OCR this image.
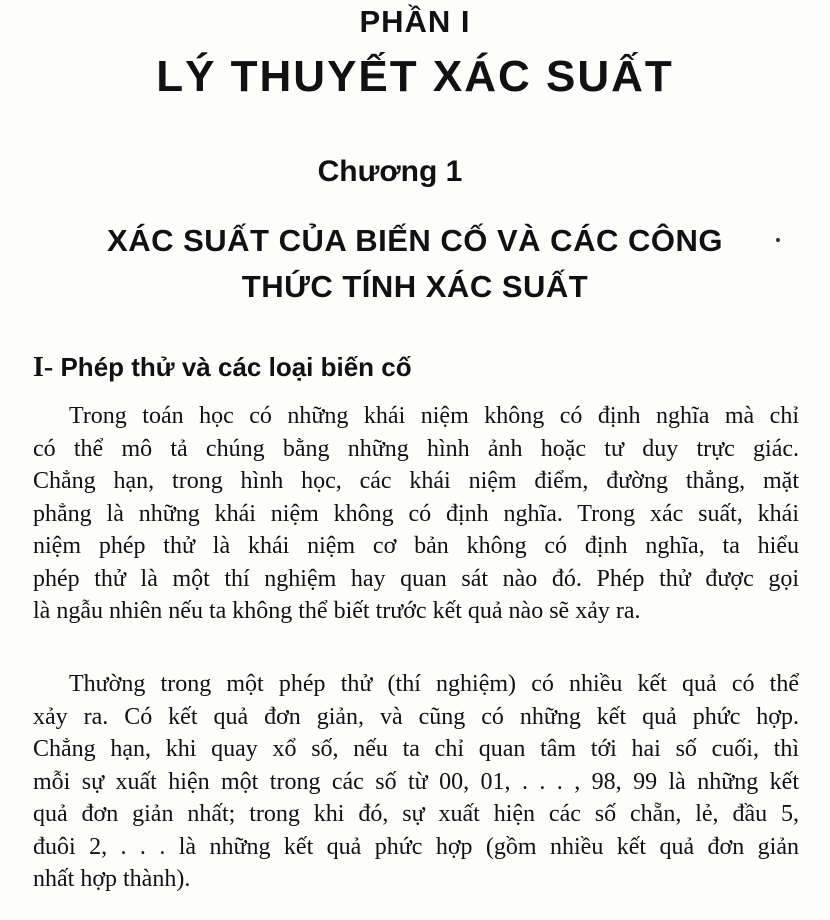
PHẦN I
LÝ THUYẾT XÁC SUẤT
Chương 1
XÁC SUẤT CỦA BIẾN CỐ VÀ CÁC CÔNG
THỨC TÍNH XÁC SUẤT
I- Phép thử và các loại biến cố
Trong toán học có những khái niệm không có định nghĩa mà chỉ
có thể mô tả chúng bằng những hình ảnh hoặc tư duy trực giác.
Chẳng hạn, trong hình học, các khái niệm điểm, đường thẳng, mặt
phẳng là những khái niệm không có định nghĩa. Trong xác suất, khái
niệm phép thử là khái niệm cơ bản không có định nghĩa, ta hiểu
phép thử là một thí nghiệm hay quan sát nào đó. Phép thử được gọi
là ngẫu nhiên nếu ta không thể biết trước kết quả nào sẽ xảy ra.
Thường trong một phép thử (thí nghiệm) có nhiều kết quả có thể
xảy ra. Có kết quả đơn giản, và cũng có những kết quả phức hợp.
Chẳng hạn, khi quay xổ số, nếu ta chỉ quan tâm tới hai số cuối, thì
mỗi sự xuất hiện một trong các số từ 00, 01, . . . , 98, 99 là những kết
quả đơn giản nhất; trong khi đó, sự xuất hiện các số chẵn, lẻ, đầu 5,
đuôi 2, . . . là những kết quả phức hợp (gồm nhiều kết quả đơn giản
nhất hợp thành).
